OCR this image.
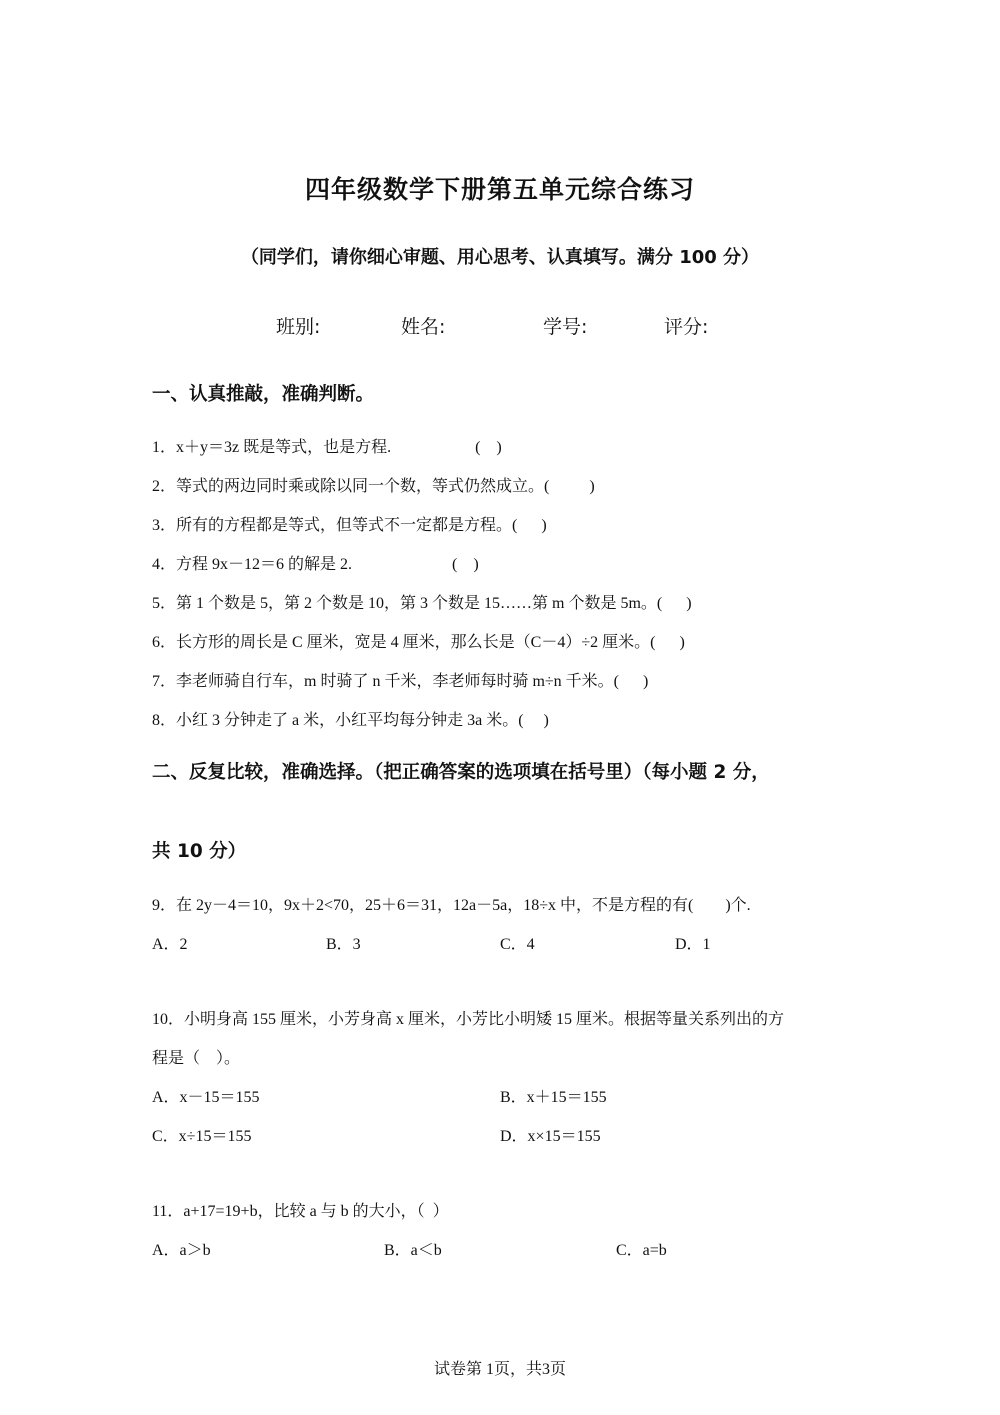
四年级数学下册第五单元综合练习
（同学们，请你细心审题、用心思考、认真填写。满分 100 分）
班别:	姓名:	学号:	评分:
一、认真推敲，准确判断。
1．x＋y＝3z 既是等式，也是方程.                     (    )
2．等式的两边同时乘或除以同一个数，等式仍然成立。(          )
3．所有的方程都是等式，但等式不一定都是方程。(      )
4．方程 9x－12＝6 的解是 2.                         (    )
5．第 1 个数是 5，第 2 个数是 10，第 3 个数是 15……第 m 个数是 5m。(      )
6．长方形的周长是 C 厘米，宽是 4 厘米，那么长是（C－4）÷2 厘米。(      )
7．李老师骑自行车，m 时骑了 n 千米，李老师每时骑 m÷n 千米。(      )
8．小红 3 分钟走了 a 米，小红平均每分钟走 3a 米。(     )
二、反复比较，准确选择。（把正确答案的选项填在括号里）（每小题 2 分，
共 10 分）
9．在 2y－4＝10，9x＋2<70，25＋6＝31，12a－5a，18÷x 中，不是方程的有(        )个.
A．2	B．3	C．4	D．1
10．小明身高 155 厘米，小芳身高 x 厘米，小芳比小明矮 15 厘米。根据等量关系列出的方
程是（    ）。
A．x－15＝155	B．x＋15＝155
C．x÷15＝155	D．x×15＝155
11．a+17=19+b，比较 a 与 b 的大小，（  ）
A．a＞b	B．a＜b	C．a=b
试卷第 1页，共3页
